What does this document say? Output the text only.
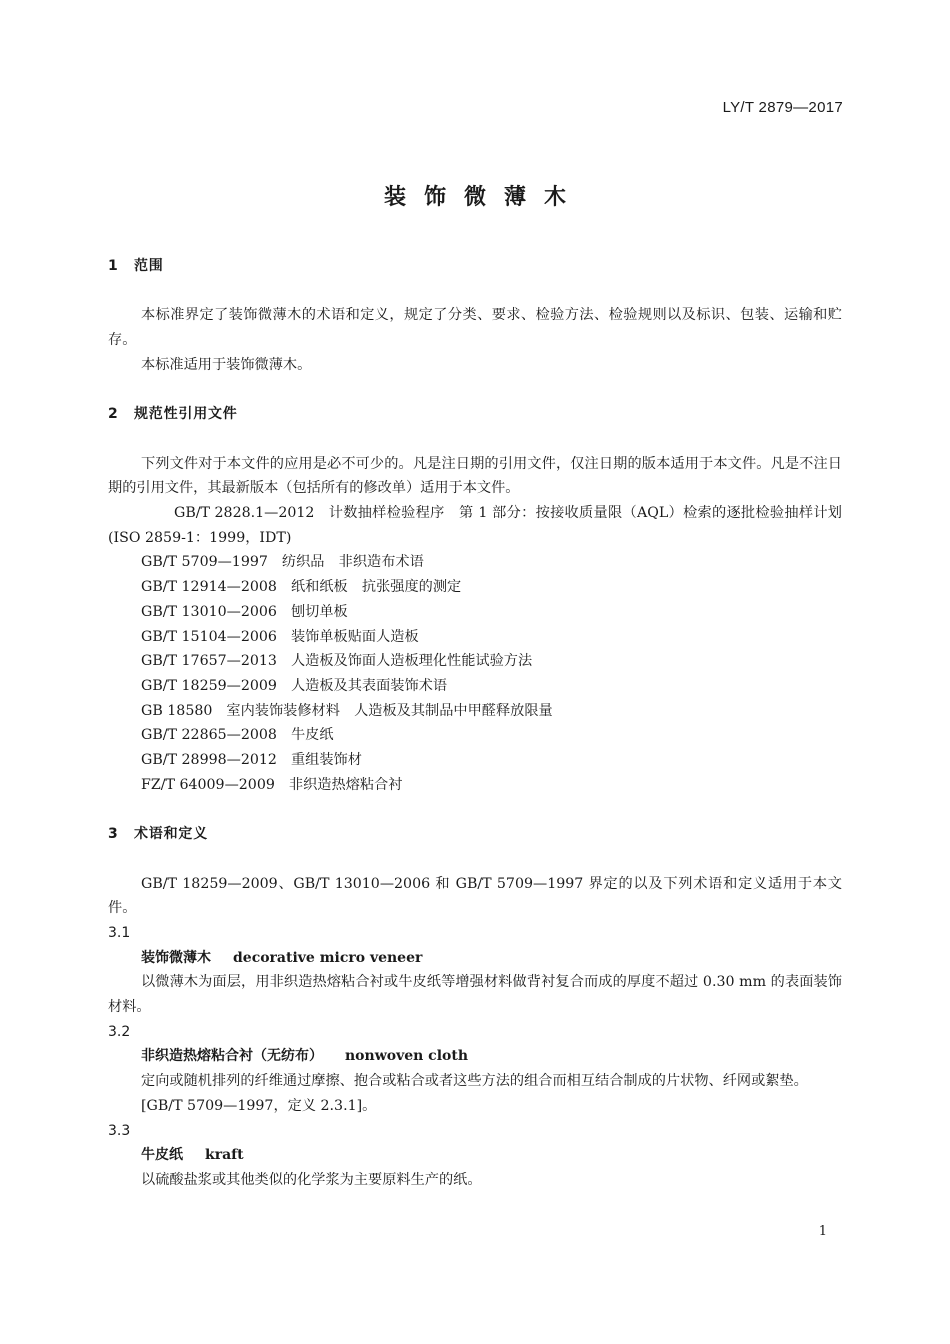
LY/T 2879—2017
装饰微薄木
1 范围

本标准界定了装饰微薄木的术语和定义，规定了分类、要求、检验方法、检验规则以及标识、包装、运输和贮存。

本标准适用于装饰微薄木。

2 规范性引用文件

下列文件对于本文件的应用是必不可少的。凡是注日期的引用文件，仅注日期的版本适用于本文件。凡是不注日期的引用文件，其最新版本（包括所有的修改单）适用于本文件。

GB/T 2828.1—2012 计数抽样检验程序　第 1 部分：按接收质量限（AQL）检索的逐批检验抽样计划(ISO 2859-1：1999，IDT)

GB/T 5709—1997 纺织品　非织造布术语

GB/T 12914—2008 纸和纸板　抗张强度的测定

GB/T 13010—2006 刨切单板

GB/T 15104—2006 装饰单板贴面人造板

GB/T 17657—2013 人造板及饰面人造板理化性能试验方法

GB/T 18259—2009 人造板及其表面装饰术语

GB 18580 室内装饰装修材料　人造板及其制品中甲醛释放限量

GB/T 22865—2008 牛皮纸

GB/T 28998—2012 重组装饰材

FZ/T 64009—2009 非织造热熔粘合衬

3 术语和定义

GB/T 18259—2009、GB/T 13010—2006 和 GB/T 5709—1997 界定的以及下列术语和定义适用于本文件。

3.1

装饰微薄木 decorative micro veneer

以微薄木为面层，用非织造热熔粘合衬或牛皮纸等增强材料做背衬复合而成的厚度不超过 0.30 mm 的表面装饰材料。

3.2

非织造热熔粘合衬（无纺布） nonwoven cloth

定向或随机排列的纤维通过摩擦、抱合或粘合或者这些方法的组合而相互结合制成的片状物、纤网或絮垫。

[GB/T 5709—1997，定义 2.3.1]。

3.3

牛皮纸 kraft

以硫酸盐浆或其他类似的化学浆为主要原料生产的纸。

1
